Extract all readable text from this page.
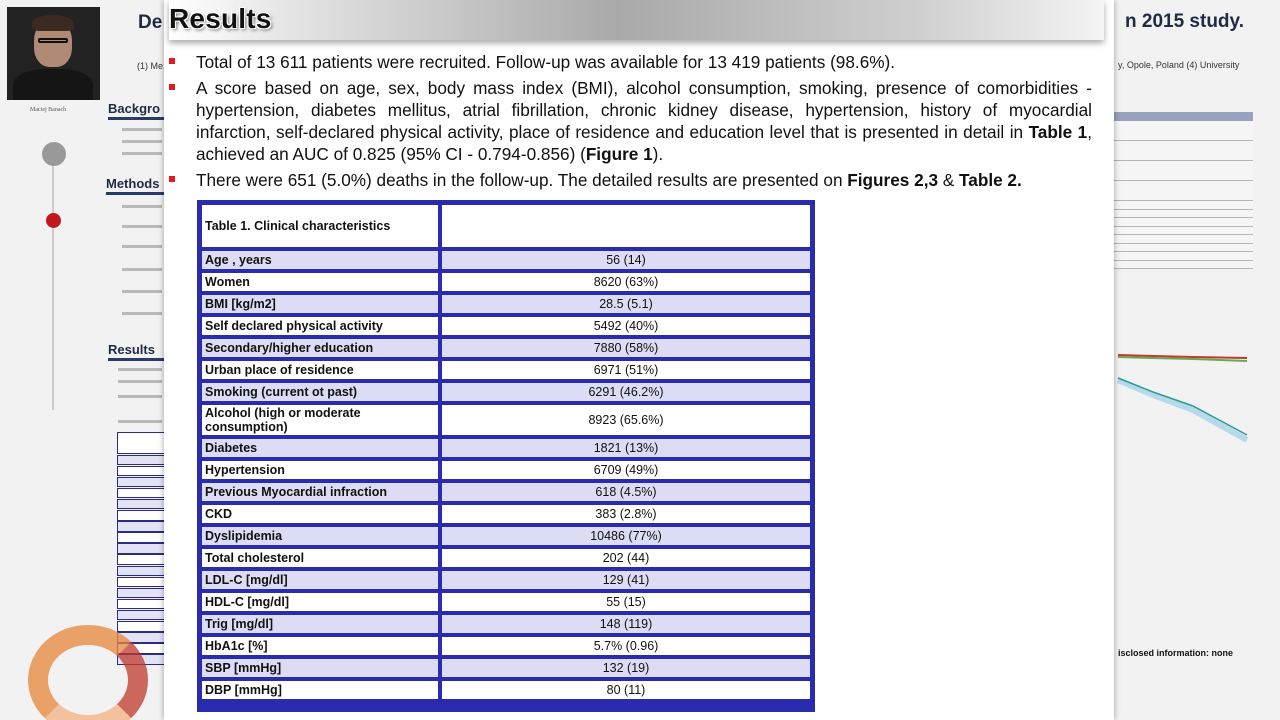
Maciej Banach
De	n 2015 study.
(1) Me	y, Opole, Poland (4) University
Backgro
Methods
Results
isclosed information: none
Results
Total of 13 611 patients were recruited. Follow-up was available for 13 419 patients (98.6%).
A score based on age, sex, body mass index (BMI), alcohol consumption, smoking, presence of comorbidities - hypertension, diabetes mellitus, atrial fibrillation, chronic kidney disease, hypertension, history of myocardial infarction, self-declared physical activity, place of residence and education level that is presented in detail in Table 1, achieved an AUC of 0.825 (95% CI - 0.794-0.856) (Figure 1).
There were 651 (5.0%) deaths in the follow-up. The detailed results are presented on Figures 2,3 & Table 2.
Table 1. Clinical characteristics
Age , years	56 (14)
Women	8620 (63%)
BMI [kg/m2]	28.5 (5.1)
Self declared physical activity	5492 (40%)
Secondary/higher education	7880 (58%)
Urban place of residence	6971 (51%)
Smoking (current ot past)	6291 (46.2%)
Alcohol (high or moderate consumption)	8923 (65.6%)
Diabetes	1821 (13%)
Hypertension	6709 (49%)
Previous Myocardial infraction	618 (4.5%)
CKD	383 (2.8%)
Dyslipidemia	10486 (77%)
Total cholesterol	202 (44)
LDL-C [mg/dl]	129 (41)
HDL-C [mg/dl]	55 (15)
Trig [mg/dl]	148 (119)
HbA1c [%]	5.7% (0.96)
SBP [mmHg]	132 (19)
DBP [mmHg]	80 (11)
